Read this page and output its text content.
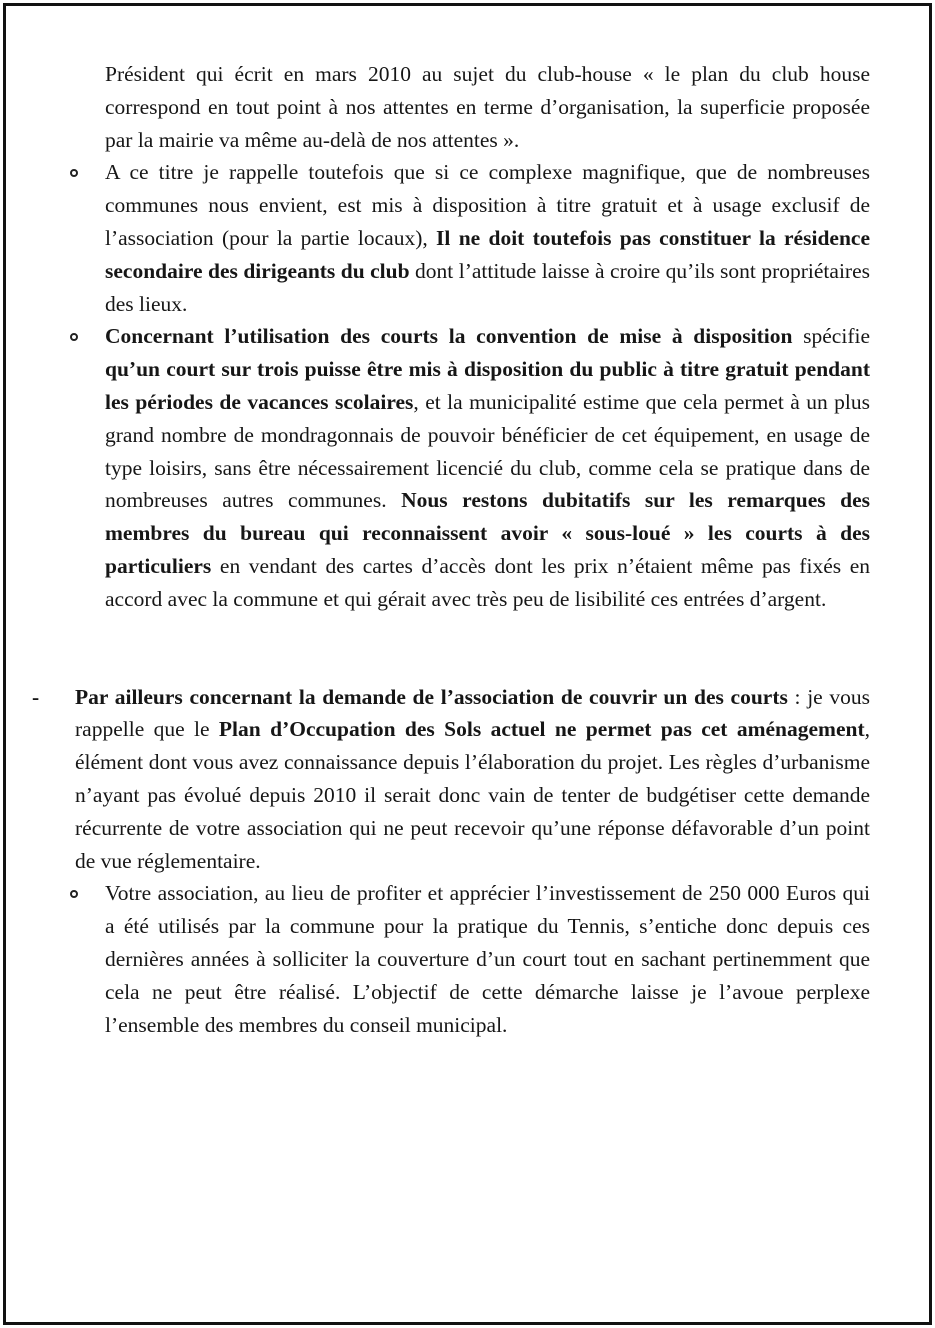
Président qui écrit en mars 2010 au sujet du club-house « le plan du club house correspond en tout point à nos attentes en terme d’organisation, la superficie proposée par la mairie va même au-delà de nos attentes ».

A ce titre je rappelle toutefois que si ce complexe magnifique, que de nombreuses communes nous envient, est mis à disposition à titre gratuit et à usage exclusif de l’association (pour la partie locaux), Il ne doit toutefois pas constituer la résidence secondaire des dirigeants du club dont l’attitude laisse à croire qu’ils sont propriétaires des lieux.

Concernant l’utilisation des courts la convention de mise à disposition spécifie qu’un court sur trois puisse être mis à disposition du public à titre gratuit pendant les périodes de vacances scolaires, et la municipalité estime que cela permet à un plus grand nombre de mondragonnais de pouvoir bénéficier de cet équipement, en usage de type loisirs, sans être nécessairement licencié du club, comme cela se pratique dans de nombreuses autres communes. Nous restons dubitatifs sur les remarques des membres du bureau qui reconnaissent avoir « sous-loué » les courts à des particuliers en vendant des cartes d’accès dont les prix n’étaient même pas fixés en accord avec la commune et qui gérait avec très peu de lisibilité ces entrées d’argent.

- Par ailleurs concernant la demande de l’association de couvrir un des courts : je vous rappelle que le Plan d’Occupation des Sols actuel ne permet pas cet aménagement, élément dont vous avez connaissance depuis l’élaboration du projet. Les règles d’urbanisme n’ayant pas évolué depuis 2010 il serait donc vain de tenter de budgétiser cette demande récurrente de votre association qui ne peut recevoir qu’une réponse défavorable d’un point de vue réglementaire.

Votre association, au lieu de profiter et apprécier l’investissement de 250 000 Euros qui a été utilisés par la commune pour la pratique du Tennis, s’entiche donc depuis ces dernières années à solliciter la couverture d’un court tout en sachant pertinemment que cela ne peut être réalisé. L’objectif de cette démarche laisse je l’avoue perplexe l’ensemble des membres du conseil municipal.
